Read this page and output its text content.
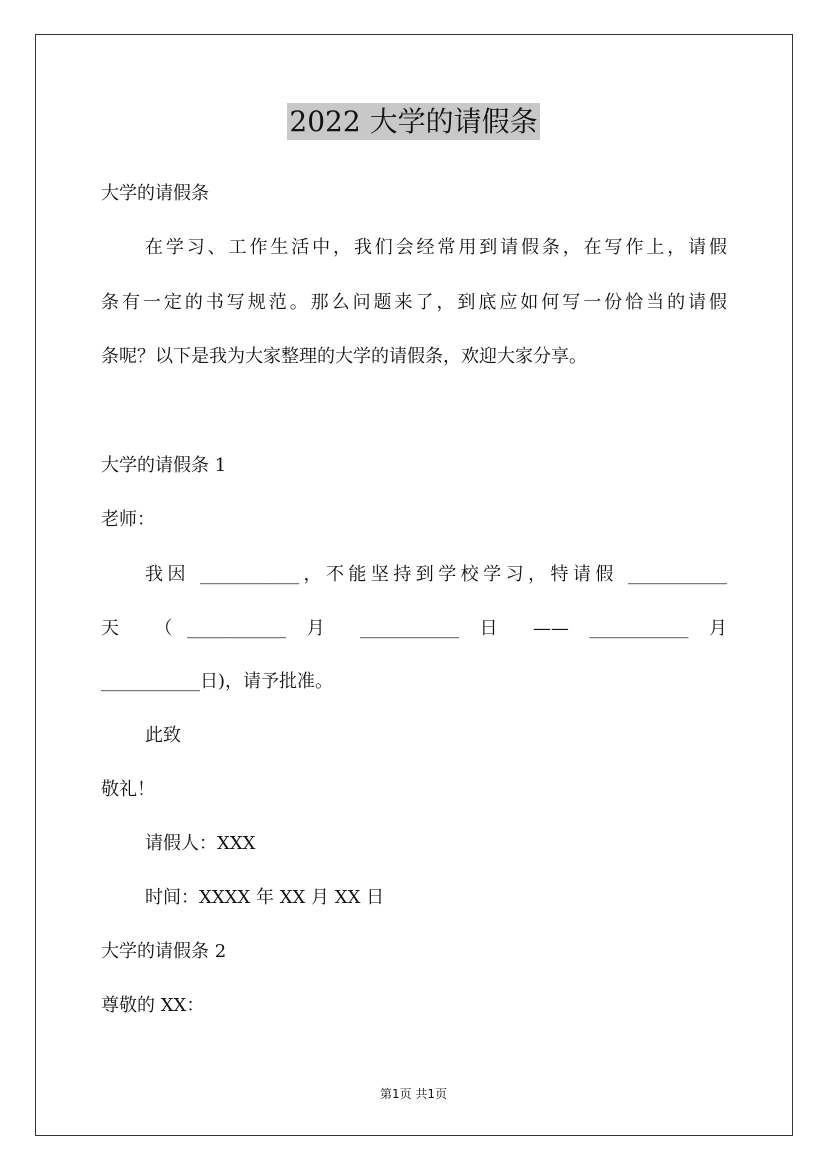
2022 大学的请假条
大学的请假条
在学习、工作生活中，我们会经常用到请假条，在写作上，请假
条有一定的书写规范。那么问题来了，到底应如何写一份恰当的请假
条呢？以下是我为大家整理的大学的请假条，欢迎大家分享。
大学的请假条 1
老师：
我因 ___________，不能坚持到学校学习，特请假 ___________
天 （___________ 月 ___________ 日 —— ___________ 月
___________日)，请予批准。
此致
敬礼！
请假人：XXX
时间：XXXX 年 XX 月 XX 日
大学的请假条 2
尊敬的 XX：
第1页 共1页
